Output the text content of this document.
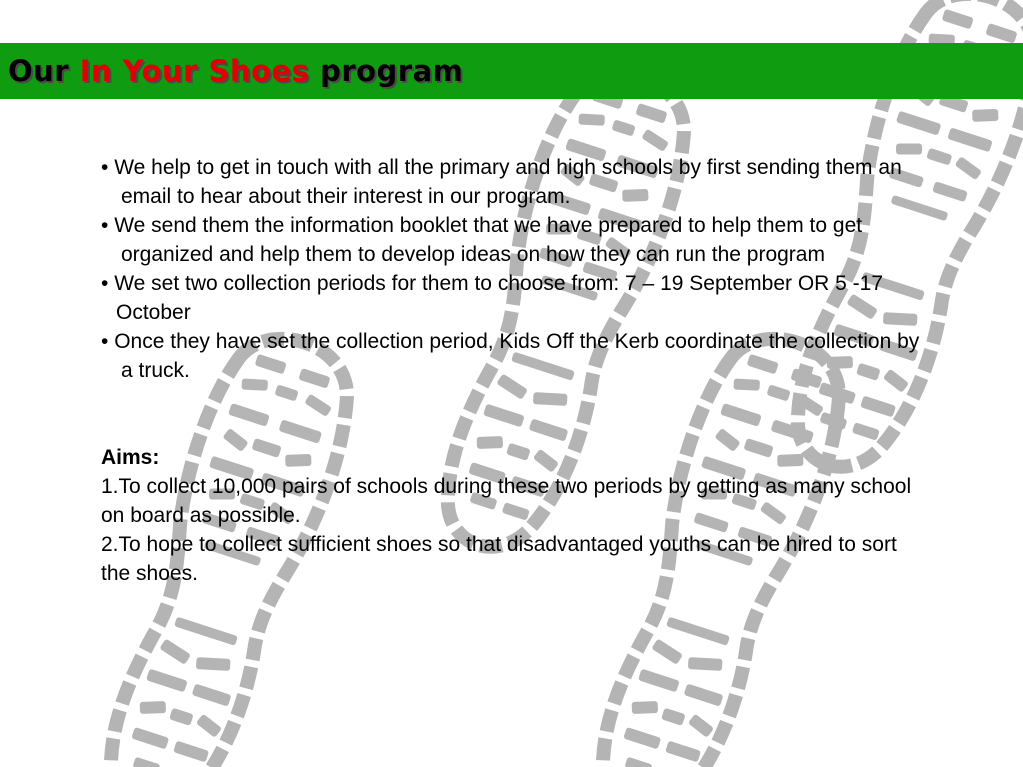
Our In Your Shoes program
• We help to get in touch with all the primary and high schools by first sending them an email to hear about their interest in our program.
• We send them the information booklet that we have prepared to help them to get organized and help them to develop ideas on how they can run the program
• We set two collection periods for them to choose from: 7 – 19 September OR 5 -17 October
• Once they have set the collection period, Kids Off the Kerb coordinate the collection by a truck.
Aims:
1.To collect 10,000 pairs of schools during these two periods by getting as many school on board as possible.
2.To hope to collect sufficient shoes so that disadvantaged youths can be hired to sort the shoes.
